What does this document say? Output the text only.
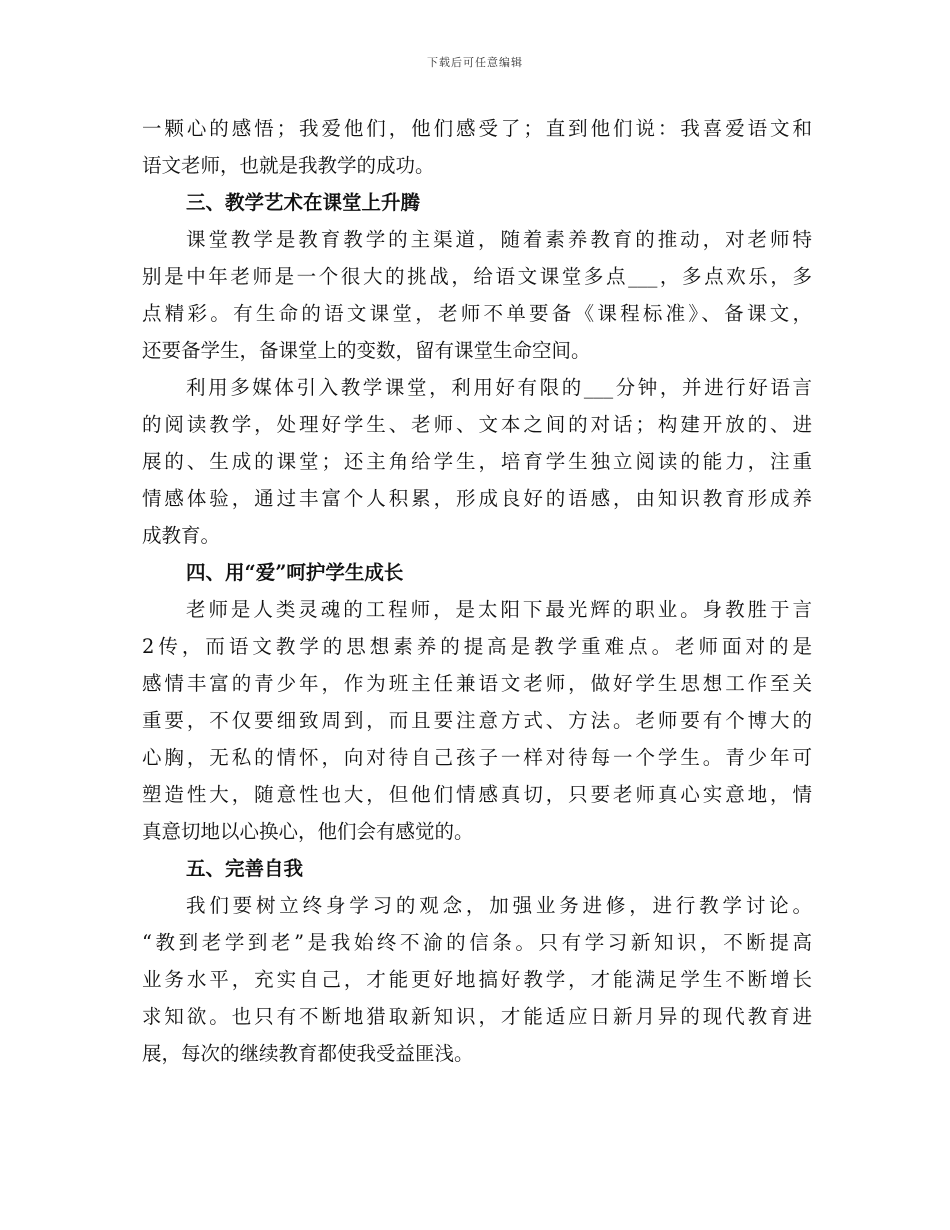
下载后可任意编辑
一颗心的感悟；我爱他们，他们感受了；直到他们说：我喜爱语文和
语文老师，也就是我教学的成功。
三、教学艺术在课堂上升腾
课堂教学是教育教学的主渠道，随着素养教育的推动，对老师特
别是中年老师是一个很大的挑战，给语文课堂多点___，多点欢乐，多
点精彩。有生命的语文课堂，老师不单要备《课程标准》、备课文，
还要备学生，备课堂上的变数，留有课堂生命空间。
利用多媒体引入教学课堂，利用好有限的___分钟，并进行好语言
的阅读教学，处理好学生、老师、文本之间的对话；构建开放的、进
展的、生成的课堂；还主角给学生，培育学生独立阅读的能力，注重
情感体验，通过丰富个人积累，形成良好的语感，由知识教育形成养
成教育。
四、用“爱”呵护学生成长
老师是人类灵魂的工程师，是太阳下最光辉的职业。身教胜于言
2传，而语文教学的思想素养的提高是教学重难点。老师面对的是
感情丰富的青少年，作为班主任兼语文老师，做好学生思想工作至关
重要，不仅要细致周到，而且要注意方式、方法。老师要有个博大的
心胸，无私的情怀，向对待自己孩子一样对待每一个学生。青少年可
塑造性大，随意性也大，但他们情感真切，只要老师真心实意地，情
真意切地以心换心，他们会有感觉的。
五、完善自我
我们要树立终身学习的观念，加强业务进修，进行教学讨论。
“教到老学到老”是我始终不渝的信条。只有学习新知识，不断提高
业务水平，充实自己，才能更好地搞好教学，才能满足学生不断增长
求知欲。也只有不断地猎取新知识，才能适应日新月异的现代教育进
展，每次的继续教育都使我受益匪浅。
